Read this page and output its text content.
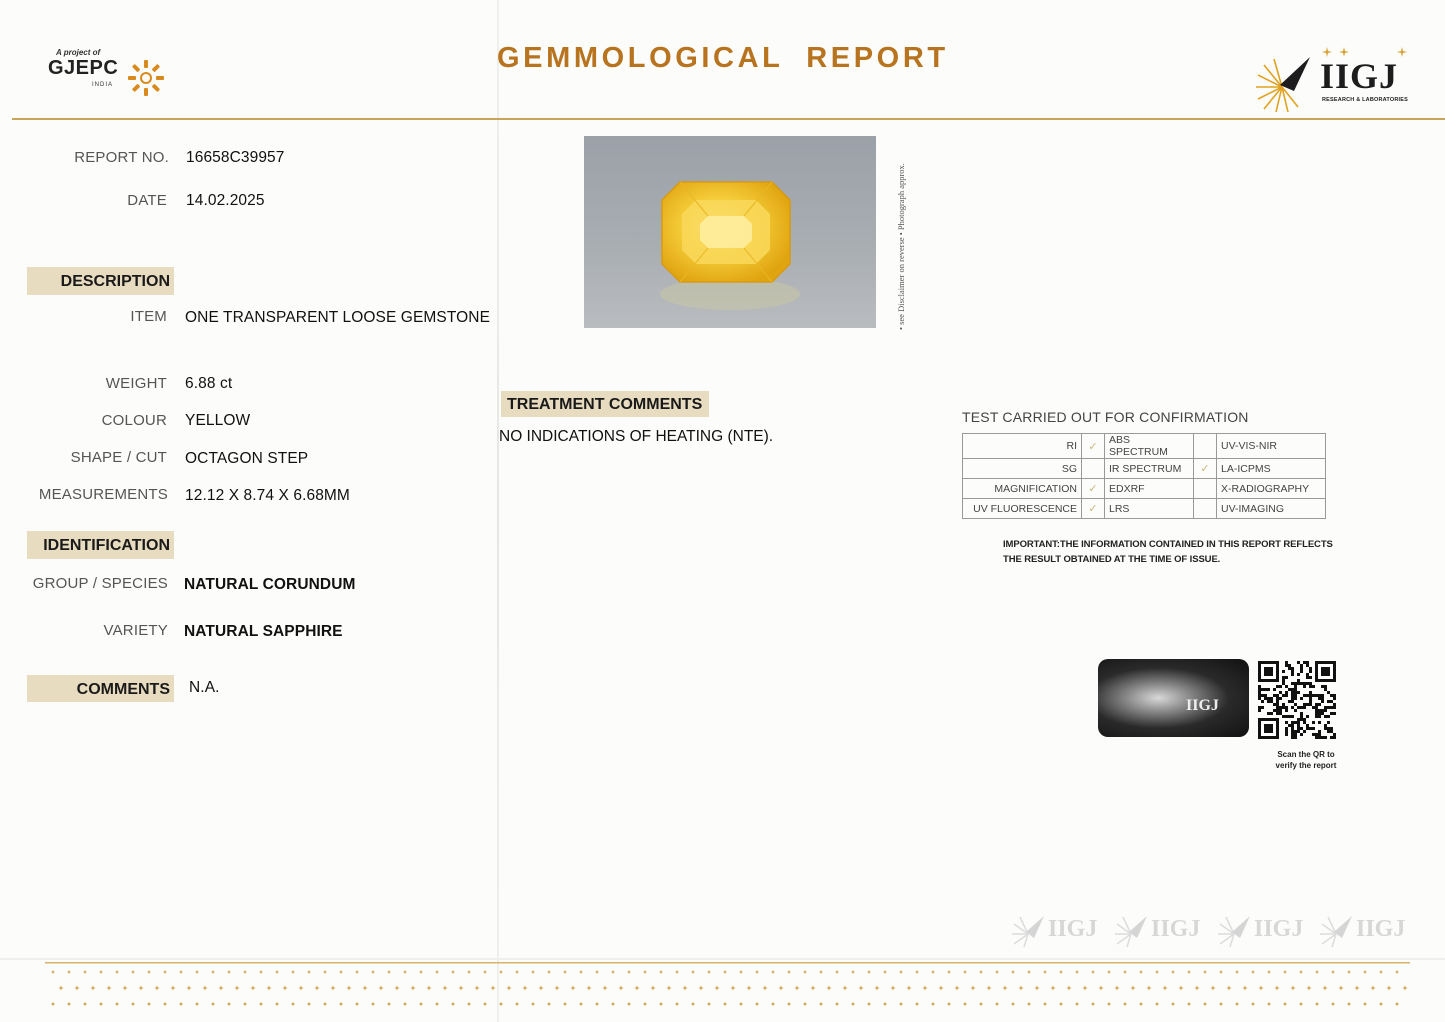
A project of
GJEPC
INDIA
GEMMOLOGICAL  REPORT	IIGJ
RESEARCH & LABORATORIES
REPORT NO. 16658C39957
DATE 14.02.2025
DESCRIPTION
ITEM ONE TRANSPARENT LOOSE GEMSTONE
WEIGHT 6.88 ct
COLOUR YELLOW
SHAPE / CUT OCTAGON STEP
MEASUREMENTS 12.12 X 8.74 X 6.68MM
IDENTIFICATION
GROUP / SPECIES NATURAL CORUNDUM
VARIETY NATURAL SAPPHIRE
COMMENTS N.A.
• see Disclaimer on reverse • Photograph approx.
TREATMENT COMMENTS
NO INDICATIONS OF HEATING (NTE).
TEST CARRIED OUT FOR CONFIRMATION
RI	✓	ABS SPECTRUM		UV-VIS-NIR
SG		IR SPECTRUM	✓	LA-ICPMS
MAGNIFICATION	✓	EDXRF		X-RADIOGRAPHY
UV FLUORESCENCE	✓	LRS		UV-IMAGING
IMPORTANT:THE INFORMATION CONTAINED IN THIS REPORT REFLECTS THE RESULT OBTAINED AT THE TIME OF ISSUE.
IIGJ
Scan the QR to
verify the report
IIGJ IIGJ IIGJ IIGJ
